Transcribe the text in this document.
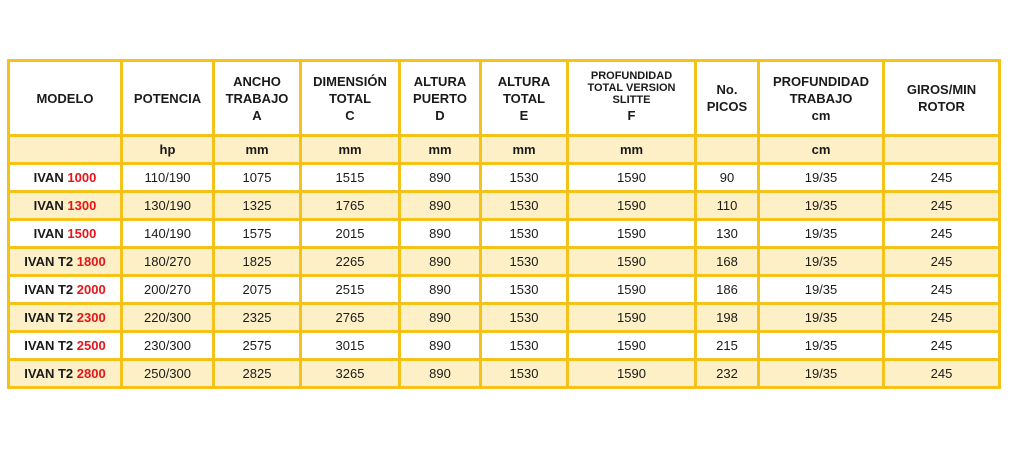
MODELO	POTENCIA	ANCHO
TRABAJO
A	DIMENSIÓN
TOTAL
C	ALTURA
PUERTO
D	ALTURA
TOTAL
E	PROFUNDIDAD
TOTAL VERSION
SLITTE
F	No.
PICOS	PROFUNDIDAD
TRABAJO
cm	GIROS/MIN
ROTOR

	hp	mm	mm	mm	mm	mm		cm	
IVAN 1000	110/190	1075	1515	890	1530	1590	90	19/35	245
IVAN 1300	130/190	1325	1765	890	1530	1590	110	19/35	245
IVAN 1500	140/190	1575	2015	890	1530	1590	130	19/35	245
IVAN T2 1800	180/270	1825	2265	890	1530	1590	168	19/35	245
IVAN T2 2000	200/270	2075	2515	890	1530	1590	186	19/35	245
IVAN T2 2300	220/300	2325	2765	890	1530	1590	198	19/35	245
IVAN T2 2500	230/300	2575	3015	890	1530	1590	215	19/35	245
IVAN T2 2800	250/300	2825	3265	890	1530	1590	232	19/35	245
